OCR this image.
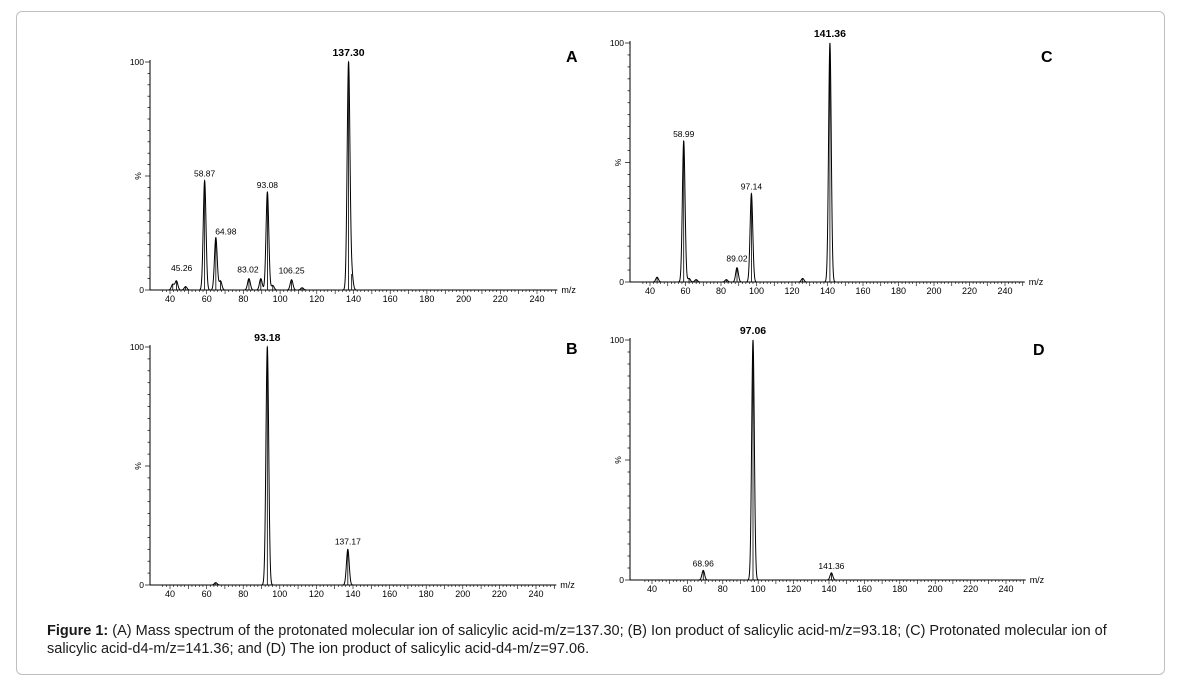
A
0
100
%
40	60	80	100 120 140 160 180 200 220 240
m/z
45.26
58.87
64.98
83.02
93.08
106.25
137.30
B
0
100
%
40	60	80	100 120 140 160 180 200 220 240
m/z
93.18
137.17
C
0
100
%
40	60	80	100 120 140 160 180 200 220 240
m/z
58.99
89.02
97.14
141.36
D
0
100
%
40	60	80	100 120 140 160 180 200 220 240
m/z
68.96
97.06
141.36
Figure 1: (A) Mass spectrum of the protonated molecular ion of salicylic acid-m/z=137.30; (B) Ion product of salicylic acid-m/z=93.18; (C) Protonated molecular ion of salicylic acid-d4-m/z=141.36; and (D) The ion product of salicylic acid-d4-m/z=97.06.
